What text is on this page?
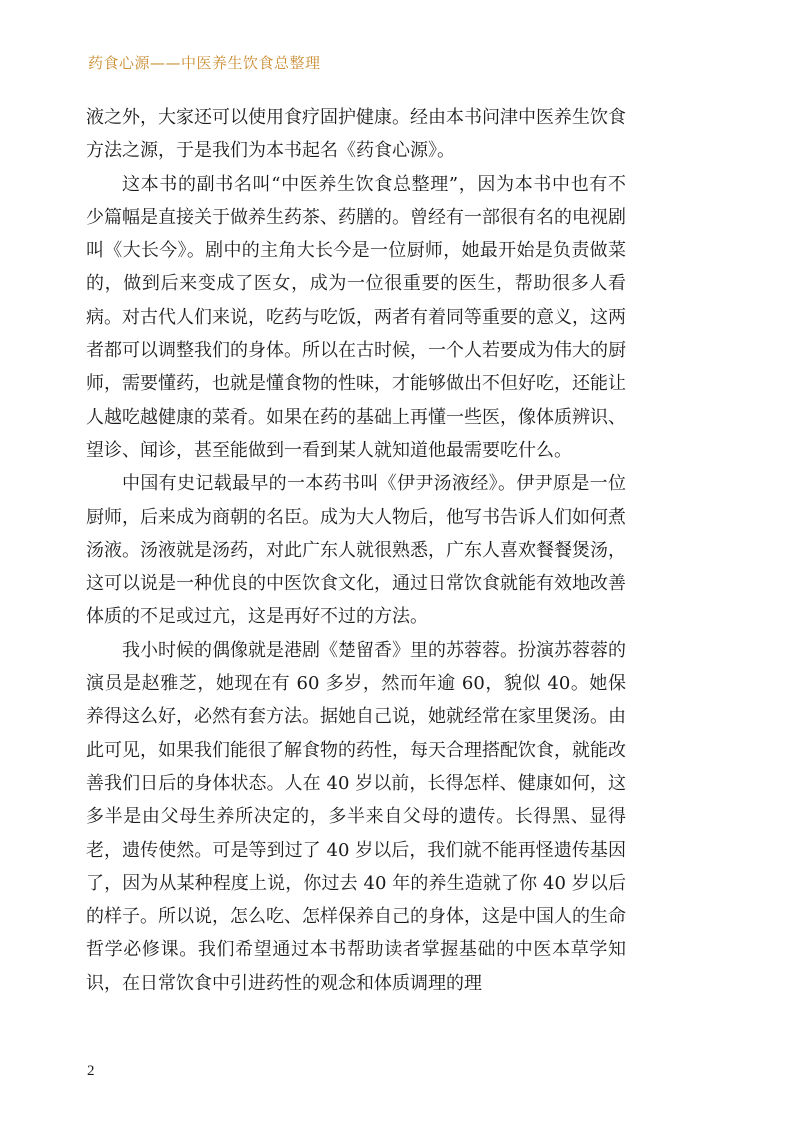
药食心源——中医养生饮食总整理

液之外，大家还可以使用食疗固护健康。经由本书问津中医养生饮食方法之源，于是我们为本书起名《药食心源》。

这本书的副书名叫“中医养生饮食总整理”，因为本书中也有不少篇幅是直接关于做养生药茶、药膳的。曾经有一部很有名的电视剧叫《大长今》。剧中的主角大长今是一位厨师，她最开始是负责做菜的，做到后来变成了医女，成为一位很重要的医生，帮助很多人看病。对古代人们来说，吃药与吃饭，两者有着同等重要的意义，这两者都可以调整我们的身体。所以在古时候，一个人若要成为伟大的厨师，需要懂药，也就是懂食物的性味，才能够做出不但好吃，还能让人越吃越健康的菜肴。如果在药的基础上再懂一些医，像体质辨识、望诊、闻诊，甚至能做到一看到某人就知道他最需要吃什么。

中国有史记载最早的一本药书叫《伊尹汤液经》。伊尹原是一位厨师，后来成为商朝的名臣。成为大人物后，他写书告诉人们如何煮汤液。汤液就是汤药，对此广东人就很熟悉，广东人喜欢餐餐煲汤，这可以说是一种优良的中医饮食文化，通过日常饮食就能有效地改善体质的不足或过亢，这是再好不过的方法。

我小时候的偶像就是港剧《楚留香》里的苏蓉蓉。扮演苏蓉蓉的演员是赵雅芝，她现在有 60 多岁，然而年逾 60，貌似 40。她保养得这么好，必然有套方法。据她自己说，她就经常在家里煲汤。由此可见，如果我们能很了解食物的药性，每天合理搭配饮食，就能改善我们日后的身体状态。人在 40 岁以前，长得怎样、健康如何，这多半是由父母生养所决定的，多半来自父母的遗传。长得黑、显得老，遗传使然。可是等到过了 40 岁以后，我们就不能再怪遗传基因了，因为从某种程度上说，你过去 40 年的养生造就了你 40 岁以后的样子。所以说，怎么吃、怎样保养自己的身体，这是中国人的生命哲学必修课。我们希望通过本书帮助读者掌握基础的中医本草学知识，在日常饮食中引进药性的观念和体质调理的理

2
